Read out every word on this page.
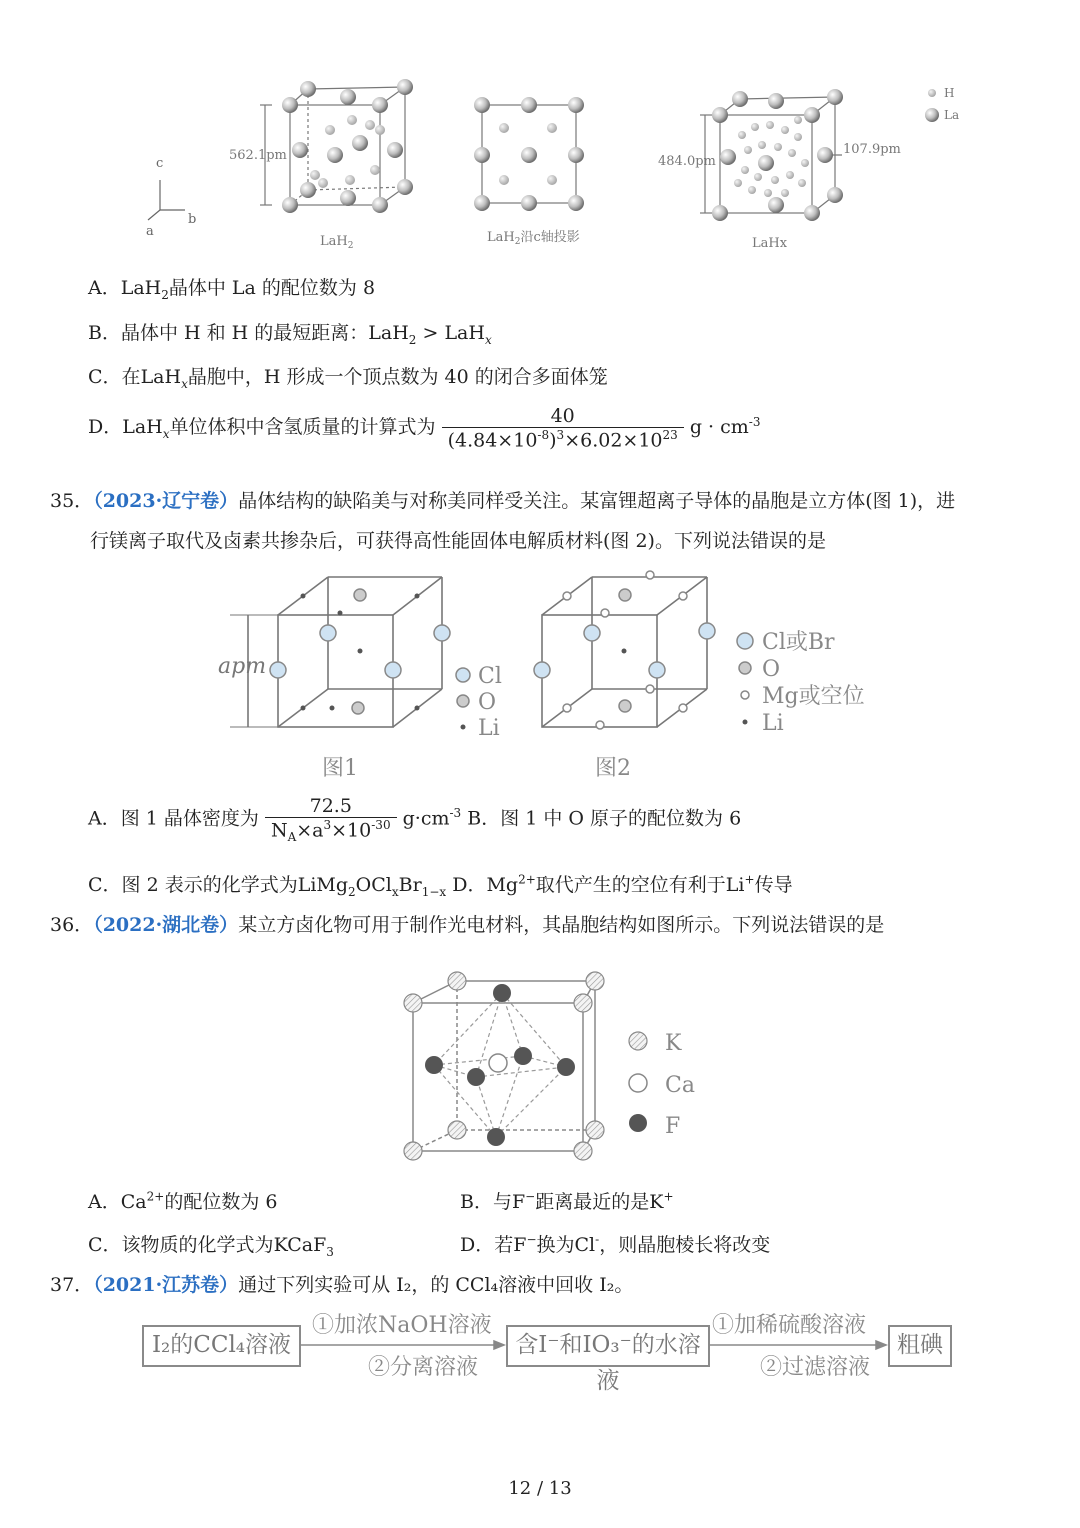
c
b
a
562.1pm
LaH$_2$
LaH$_2$沿c轴投影
484.0pm
107.9pm
LaHx
H
La
A．LaH$_2$晶体中 La 的配位数为 8
B．晶体中 H 和 H 的最短距离：LaH$_2$ > LaH$_x$
C．在LaH$_x$晶胞中，H 形成一个顶点数为 40 的闭合多面体笼
D．LaH$_x$单位体积中含氢质量的计算式为 $\frac{40}{(4.84\times 10^{-8})^3\times 6.02\times 10^{23}}$ $g \cdot cm^{-3}$
35．（2023·辽宁卷）晶体结构的缺陷美与对称美同样受关注。某富锂超离子导体的晶胞是立方体(图 1)，进
行镁离子取代及卤素共掺杂后，可获得高性能固体电解质材料(图 2)。下列说法错误的是
apm	Cl
O
Li
图1
Cl或Br
O
Mg或空位
Li
图2
A．图 1 晶体密度为 $\frac{72.5}{N_A\times a^3\times 10^{-30}} g\cdot cm^{-3}$ B．图 1 中 O 原子的配位数为 6
C．图 2 表示的化学式为$LiMg_2OCl_xBr_{1-x}$ D．$Mg^{2+}$取代产生的空位有利于Li+传导
36．（2022·湖北卷）某立方卤化物可用于制作光电材料，其晶胞结构如图所示。下列说法错误的是
K
Ca
F
A．$Ca^{2+}$的配位数为 6	B．与F−距离最近的是K+
C．该物质的化学式为KCaF$_3$	D．若F−换为Cl-，则晶胞棱长将改变
37．（2021·江苏卷）通过下列实验可从 I₂，的 CCl₄溶液中回收 I₂。
I₂的CCl₄溶液
①加浓NaOH溶液
②分离溶液
含I⁻和IO₃⁻的水溶液
①加稀硫酸溶液
②过滤溶液
粗碘
12 / 13
